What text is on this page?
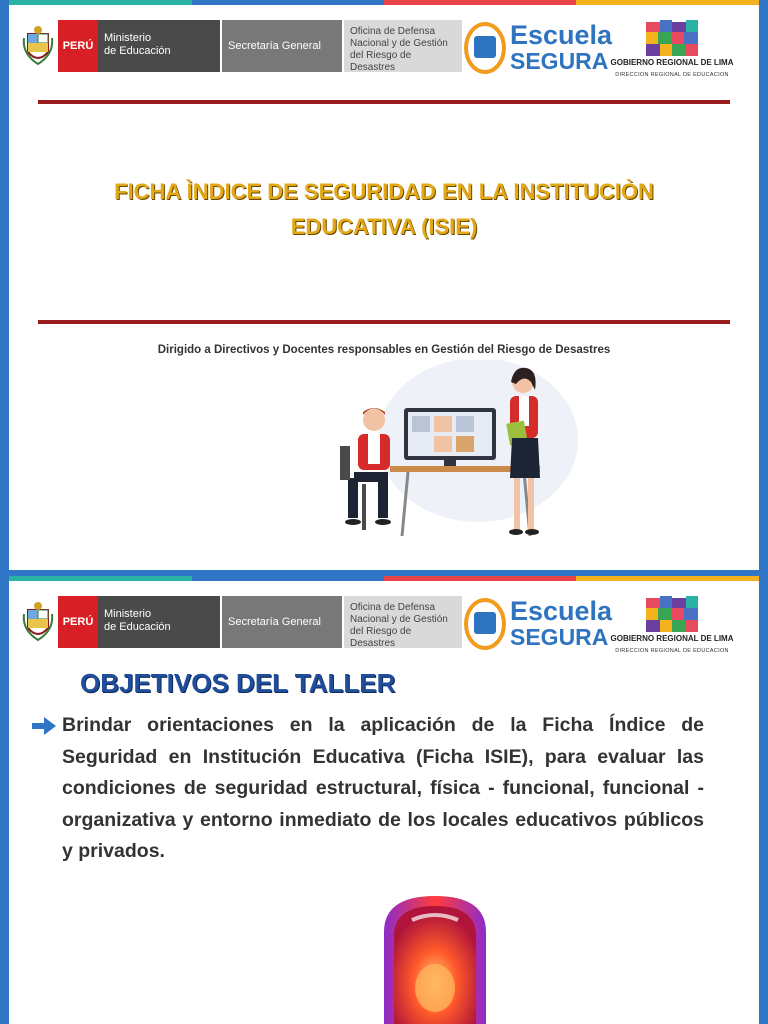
PERÚ
Ministerio
de Educación	Secretaría General
Oficina de Defensa
Nacional y de Gestión
del Riesgo de Desastres
Escuela
SEGURA GOBIERNO REGIONAL DE LIMA
DIRECCION REGIONAL DE EDUCACION
FICHA ÌNDICE DE SEGURIDAD EN LA INSTITUCIÒN
EDUCATIVA (ISIE)
Dirigido a Directivos y Docentes responsables en Gestión del Riesgo de Desastres
PERÚ
Ministerio
de Educación	Secretaría General
Oficina de Defensa
Nacional y de Gestión
del Riesgo de Desastres
Escuela
SEGURA GOBIERNO REGIONAL DE LIMA
DIRECCION REGIONAL DE EDUCACION
OBJETIVOS DEL TALLER
Brindar orientaciones en la aplicación de la Ficha Índice de Seguridad en Institución Educativa (Ficha ISIE), para evaluar las condiciones de seguridad estructural, física - funcional, funcional - organizativa y entorno inmediato de los locales educativos públicos y privados.
